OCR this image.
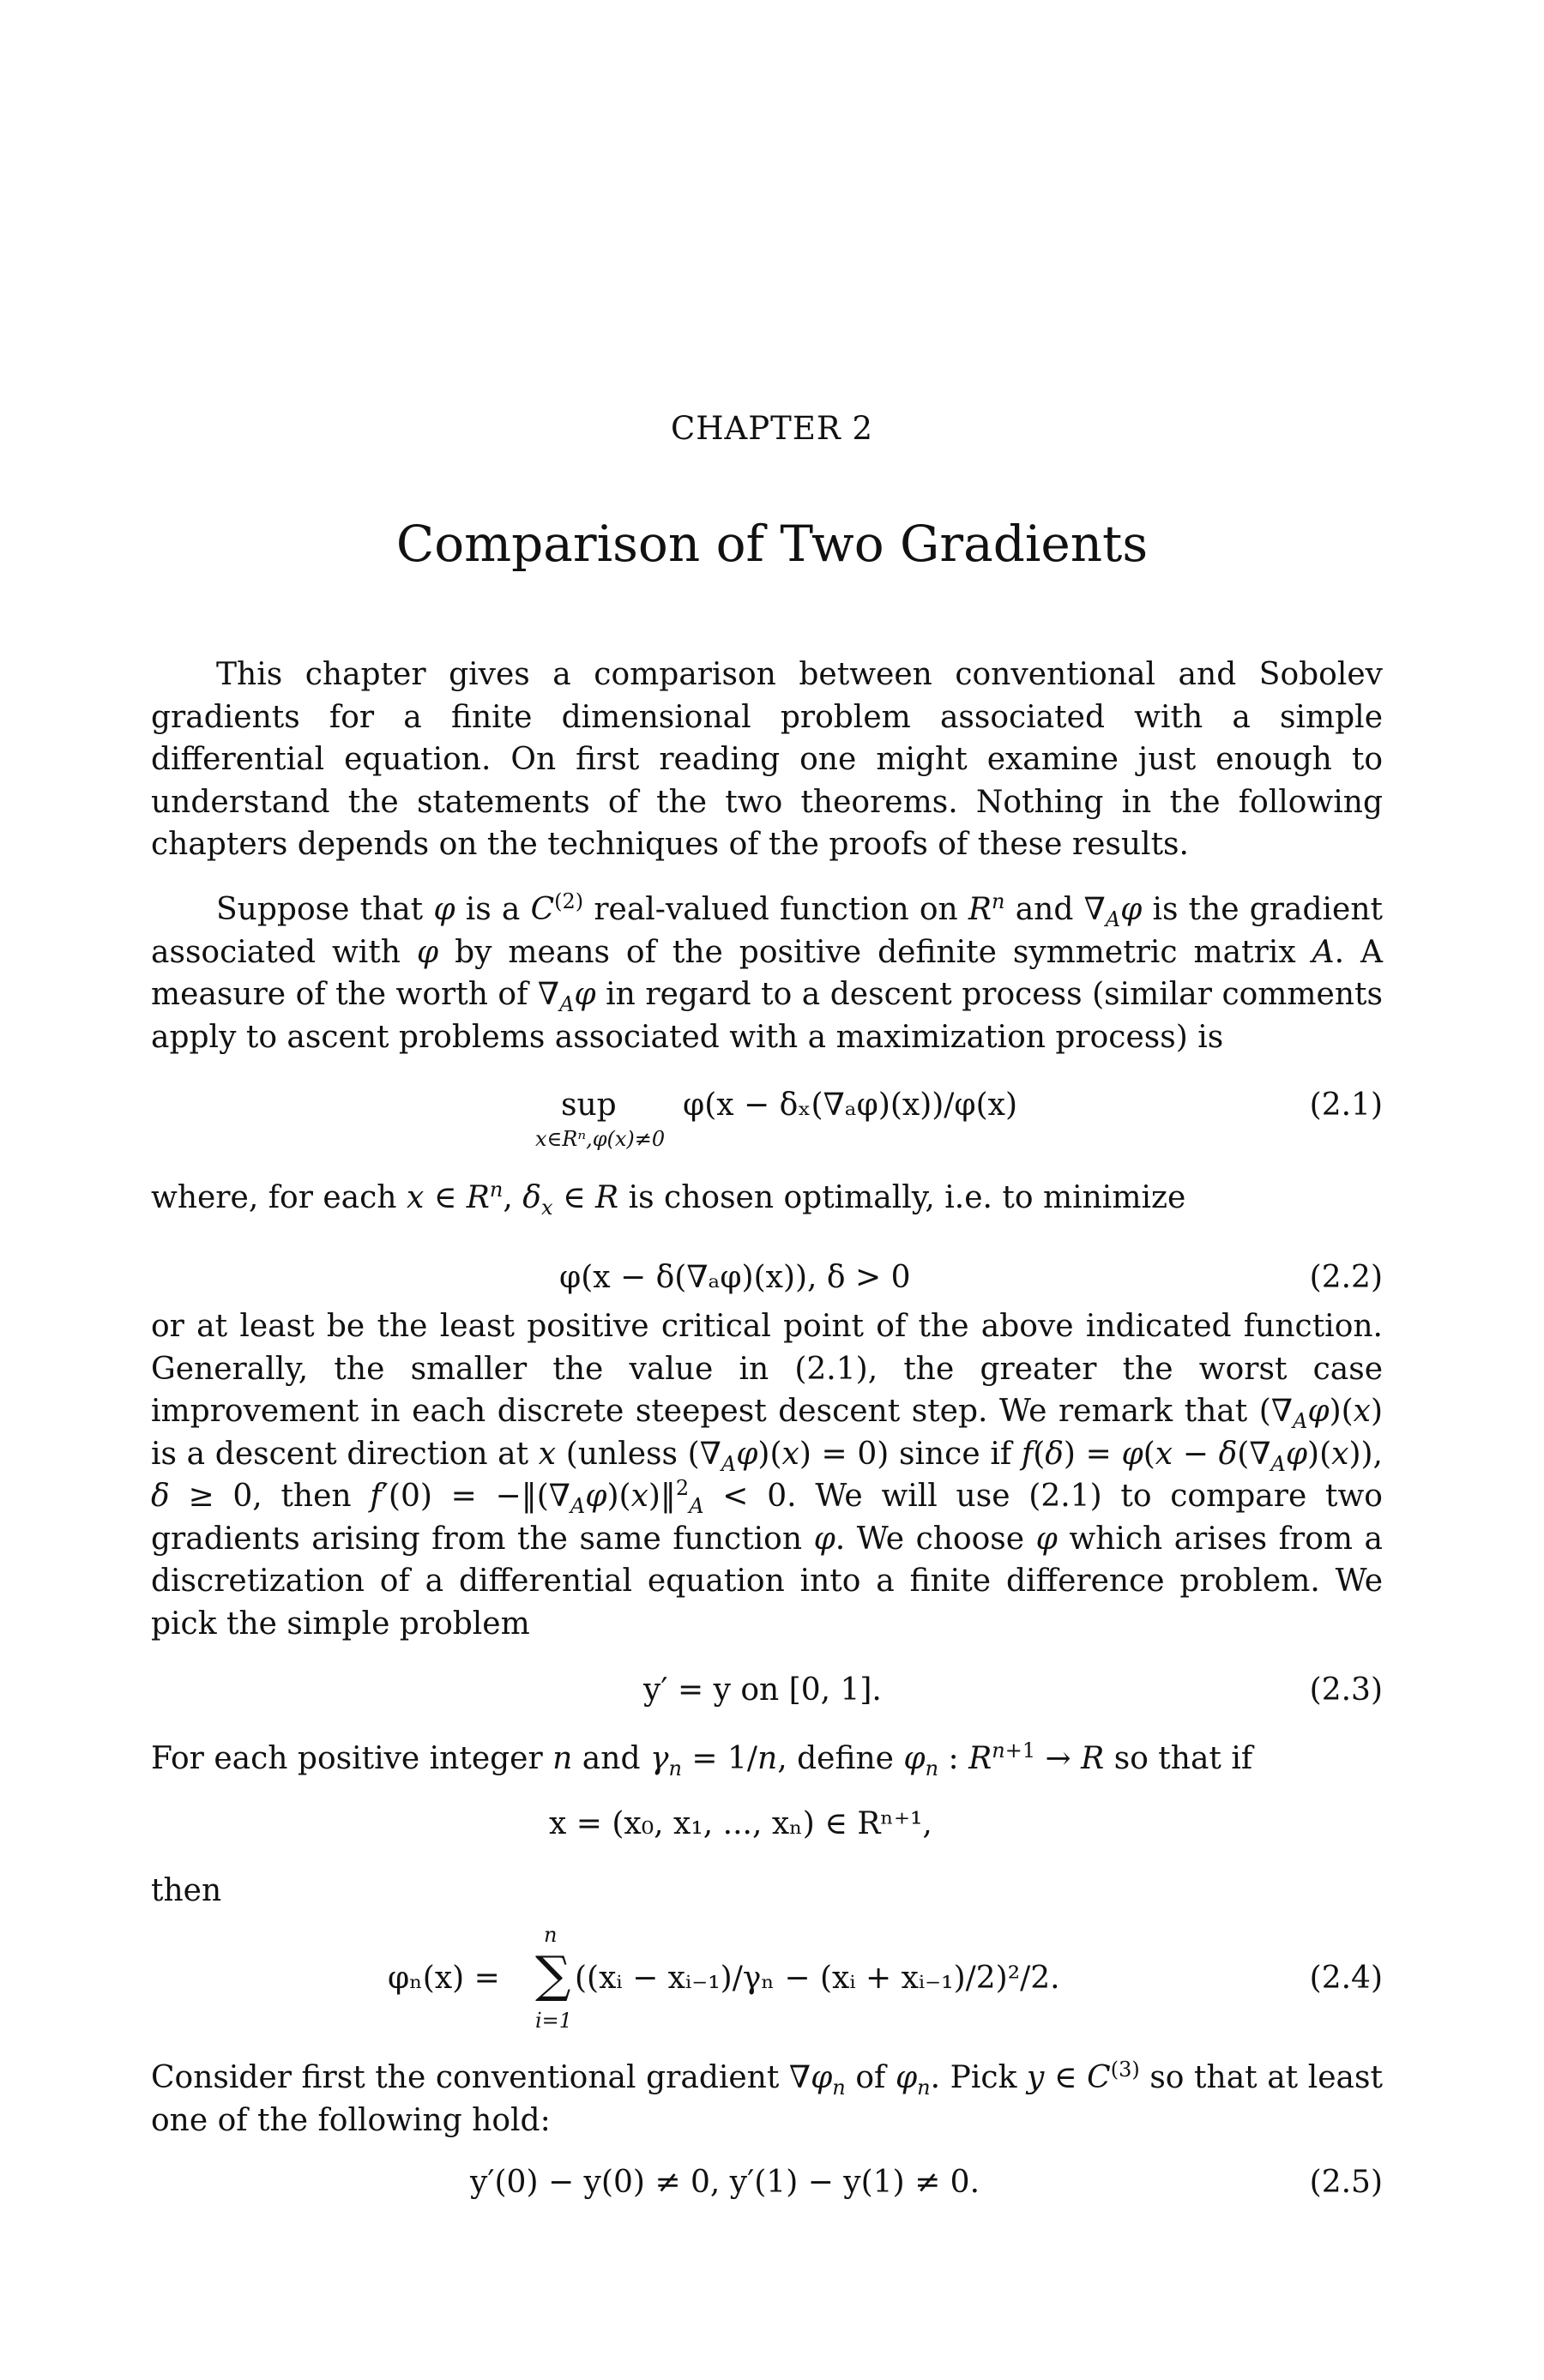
CHAPTER 2
Comparison of Two Gradients

This chapter gives a comparison between conventional and Sobolev gradients for a finite dimensional problem associated with a simple differential equation. On first reading one might examine just enough to understand the statements of the two theorems. Nothing in the following chapters depends on the techniques of the proofs of these results.

Suppose that φ is a $C^{(2)}$ real-valued function on $R^n$ and $\nabla_A\varphi$ is the gradient associated with φ by means of the positive definite symmetric matrix A. A measure of the worth of $\nabla_A\varphi$ in regard to a descent process (similar comments apply to ascent problems associated with a maximization process) is

sup
x∈Rⁿ,φ(x)≠0
φ(x − δₓ(∇ₐφ)(x))/φ(x)	(2.1)

where, for each x ∈ $R^n$, $\delta_x$ ∈ R is chosen optimally, i.e. to minimize

φ(x − δ(∇ₐφ)(x)), δ > 0	(2.2)

or at least be the least positive critical point of the above indicated function. Generally, the smaller the value in (2.1), the greater the worst case improvement in each discrete steepest descent step. We remark that $(\nabla_A\varphi)(x)$ is a descent direction at x (unless $(\nabla_A\varphi)(x) = 0$) since if $f(\delta) = \varphi(x - \delta(\nabla_A\varphi)(x))$, δ ≥ 0, then $f'(0) = -‖(\nabla_A\varphi)(x)‖^2_A < 0$. We will use (2.1) to compare two gradients arising from the same function φ. We choose φ which arises from a discretization of a differential equation into a finite difference problem. We pick the simple problem

y′ = y on [0, 1].	(2.3)

For each positive integer n and $\gamma_n = 1/n$, define $\varphi_n$ : $R^{n+1} \to R$ so that if

x = (x₀, x₁, ..., xₙ) ∈ Rⁿ⁺¹,

then

φₙ(x) =
n
∑
i=1
((xᵢ − xᵢ₋₁)/γₙ − (xᵢ + xᵢ₋₁)/2)²/2.	(2.4)

Consider first the conventional gradient $\nabla\varphi_n$ of $\varphi_n$. Pick y ∈ $C^{(3)}$ so that at least one of the following hold:

y′(0) − y(0) ≠ 0, y′(1) − y(1) ≠ 0.	(2.5)
